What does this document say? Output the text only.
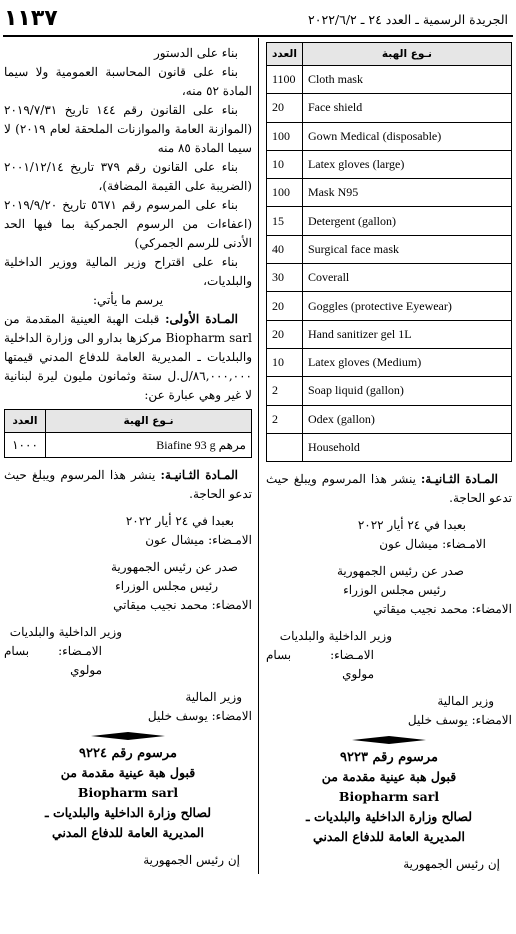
١١٣٧	الجريدة الرسمية ـ العدد ٢٤ ـ ٢٠٢٢/٦/٢
نـوع الهبة	العدد
Cloth mask	1100
Face shield	20
Gown Medical (disposable)	100
Latex gloves (large)	10
Mask N95	100
Detergent (gallon)	15
Surgical face mask	40
Coverall	30
Goggles (protective Eyewear)	20
Hand sanitizer gel 1L	20
Latex gloves (Medium)	10
Soap liquid (gallon)	2
Odex (gallon)	2
Household	

المـادة الثـانيـة: ينشر هذا المرسوم ويبلغ حيث تدعو الحاجة.

بعبدا في ٢٤ أيار ٢٠٢٢

الامـضاء: ميشال عون

صدر عن رئيس الجمهورية

رئيس مجلس الوزراء

الامضاء: محمد نجيب ميقاتي

وزير الداخلية والبلديات

الامـضاء: بسام مولوي

وزير المالية

الامضاء: يوسف خليل

مرسوم رقم ٩٢٢٣
قبول هبة عينية مقدمة من
Biopharm sarl
لصالح وزارة الداخلية والبلديات ـ
المديرية العامة للدفاع المدني

إن رئيس الجمهورية

بناء على الدستور

بناء على قانون المحاسبة العمومية ولا سيما المادة ٥٢ منه،

بناء على القانون رقم ١٤٤ تاريخ ٢٠١٩/٧/٣١ (الموازنة العامة والموازنات الملحقة لعام ٢٠١٩) لا سيما المادة ٨٥ منه

بناء على القانون رقم ٣٧٩ تاريخ ٢٠٠١/١٢/١٤ (الضريبة على القيمة المضافة)،

بناء على المرسوم رقم ٥٦٧١ تاريخ ٢٠١٩/٩/٢٠ (اعفاءات من الرسوم الجمركية بما فيها الحد الأدنى للرسم الجمركي)

بناء على اقتراح وزير المالية ووزير الداخلية والبلديات،

يرسم ما يأتي:

المـادة الأولى: قبلت الهبة العينية المقدمة من Biopharm sarl مركزها بدارو الى وزارة الداخلية والبلديات ـ المديرية العامة للدفاع المدني قيمتها ٨٦,٠٠٠,٠٠٠/ل.ل ستة وثمانون مليون ليرة لبنانية لا غير وهي عبارة عن:

نـوع الهبة	العدد
مرهم Biafine 93 g	١٠٠٠

المـادة الثـانيـة: ينشر هذا المرسوم ويبلغ حيث تدعو الحاجة.

بعبدا في ٢٤ أيار ٢٠٢٢

الامـضاء: ميشال عون

صدر عن رئيس الجمهورية

رئيس مجلس الوزراء

الامضاء: محمد نجيب ميقاتي

وزير الداخلية والبلديات

الامـضاء: بسام مولوي

وزير المالية

الامضاء: يوسف خليل

مرسوم رقم ٩٢٢٤
قبول هبة عينية مقدمة من
Biopharm sarl
لصالح وزارة الداخلية والبلديات ـ
المديرية العامة للدفاع المدني

إن رئيس الجمهورية
